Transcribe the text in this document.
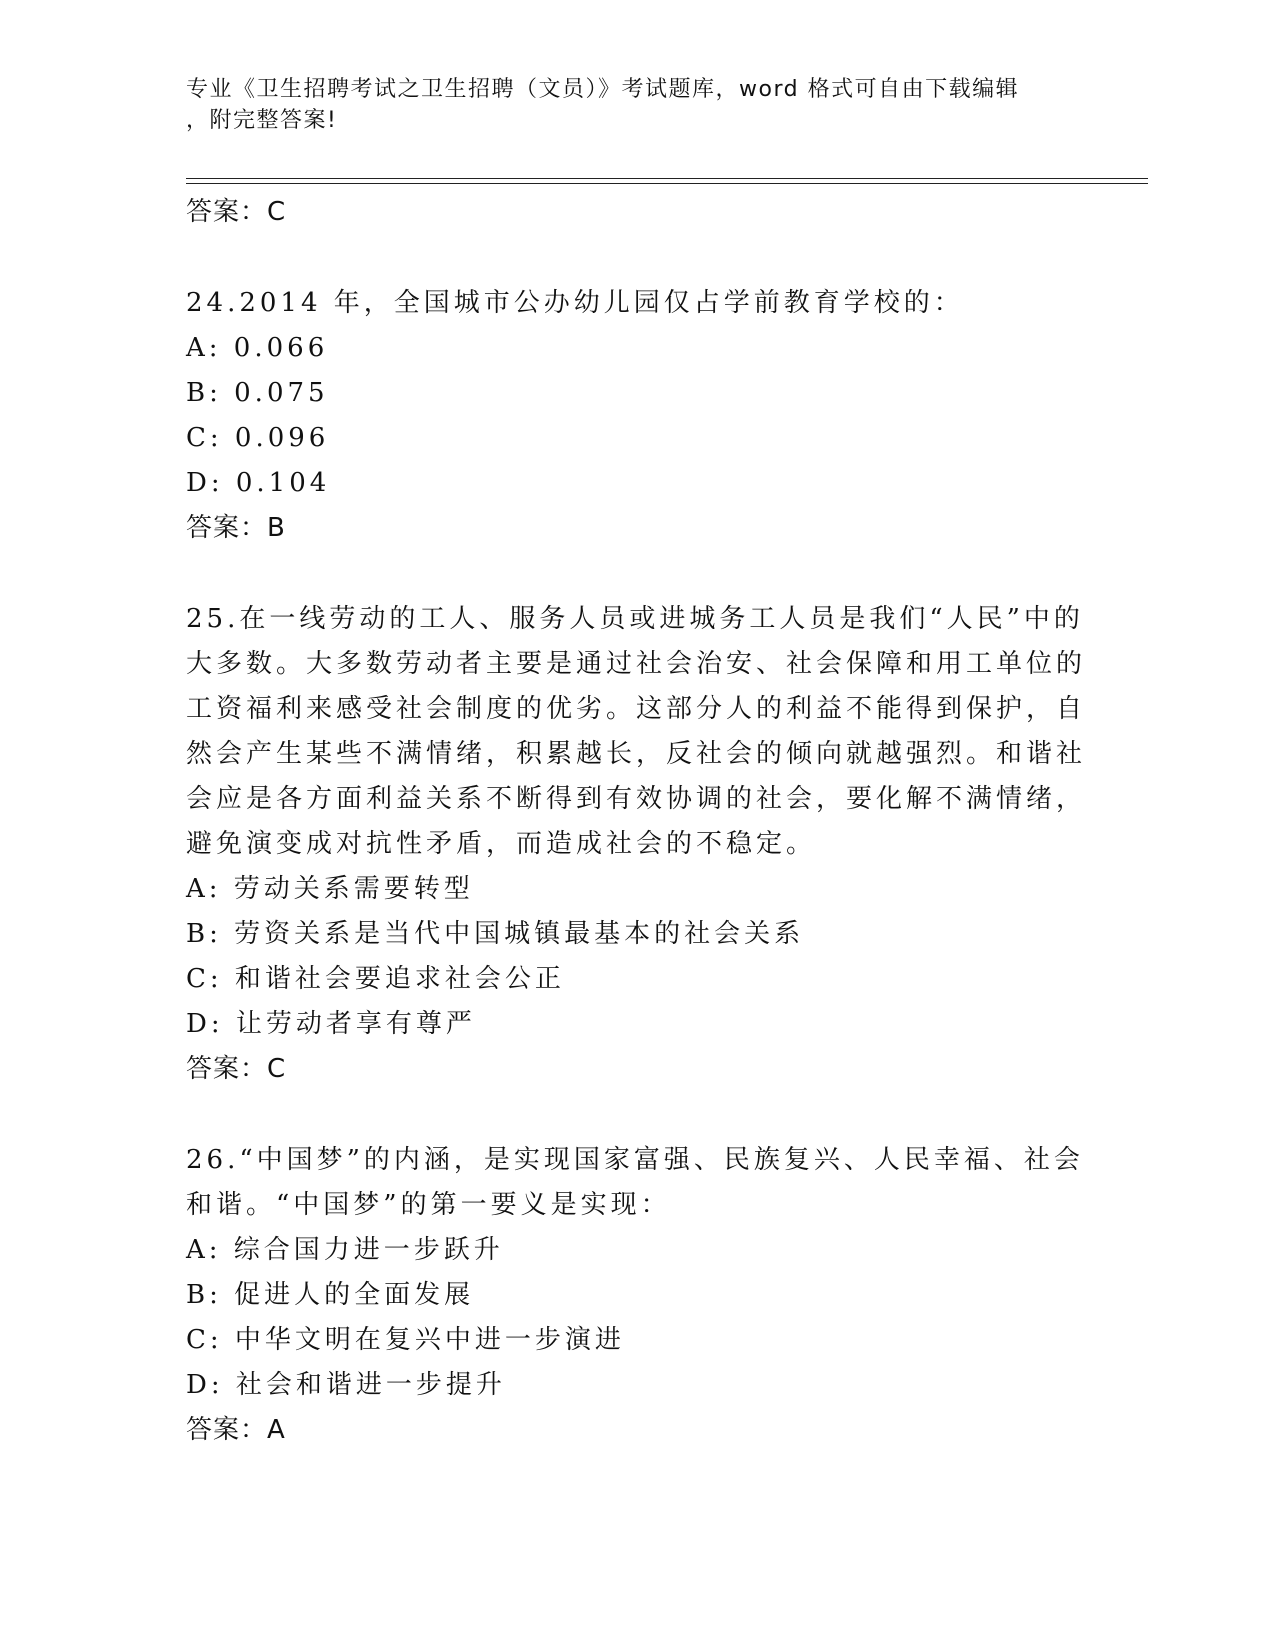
专业《卫生招聘考试之卫生招聘（文员）》考试题库，word 格式可自由下载编辑
，附完整答案!
答案：C
24.2014 年，全国城市公办幼儿园仅占学前教育学校的：
A: 0.066
B: 0.075
C: 0.096
D: 0.104
答案：B
25.在一线劳动的工人、服务人员或进城务工人员是我们“人民”中的
大多数。大多数劳动者主要是通过社会治安、社会保障和用工单位的
工资福利来感受社会制度的优劣。这部分人的利益不能得到保护，自
然会产生某些不满情绪，积累越长，反社会的倾向就越强烈。和谐社
会应是各方面利益关系不断得到有效协调的社会，要化解不满情绪，
避免演变成对抗性矛盾，而造成社会的不稳定。
A: 劳动关系需要转型
B: 劳资关系是当代中国城镇最基本的社会关系
C: 和谐社会要追求社会公正
D: 让劳动者享有尊严
答案：C
26.“中国梦”的内涵，是实现国家富强、民族复兴、人民幸福、社会
和谐。“中国梦”的第一要义是实现：
A: 综合国力进一步跃升
B: 促进人的全面发展
C: 中华文明在复兴中进一步演进
D: 社会和谐进一步提升
答案：A
